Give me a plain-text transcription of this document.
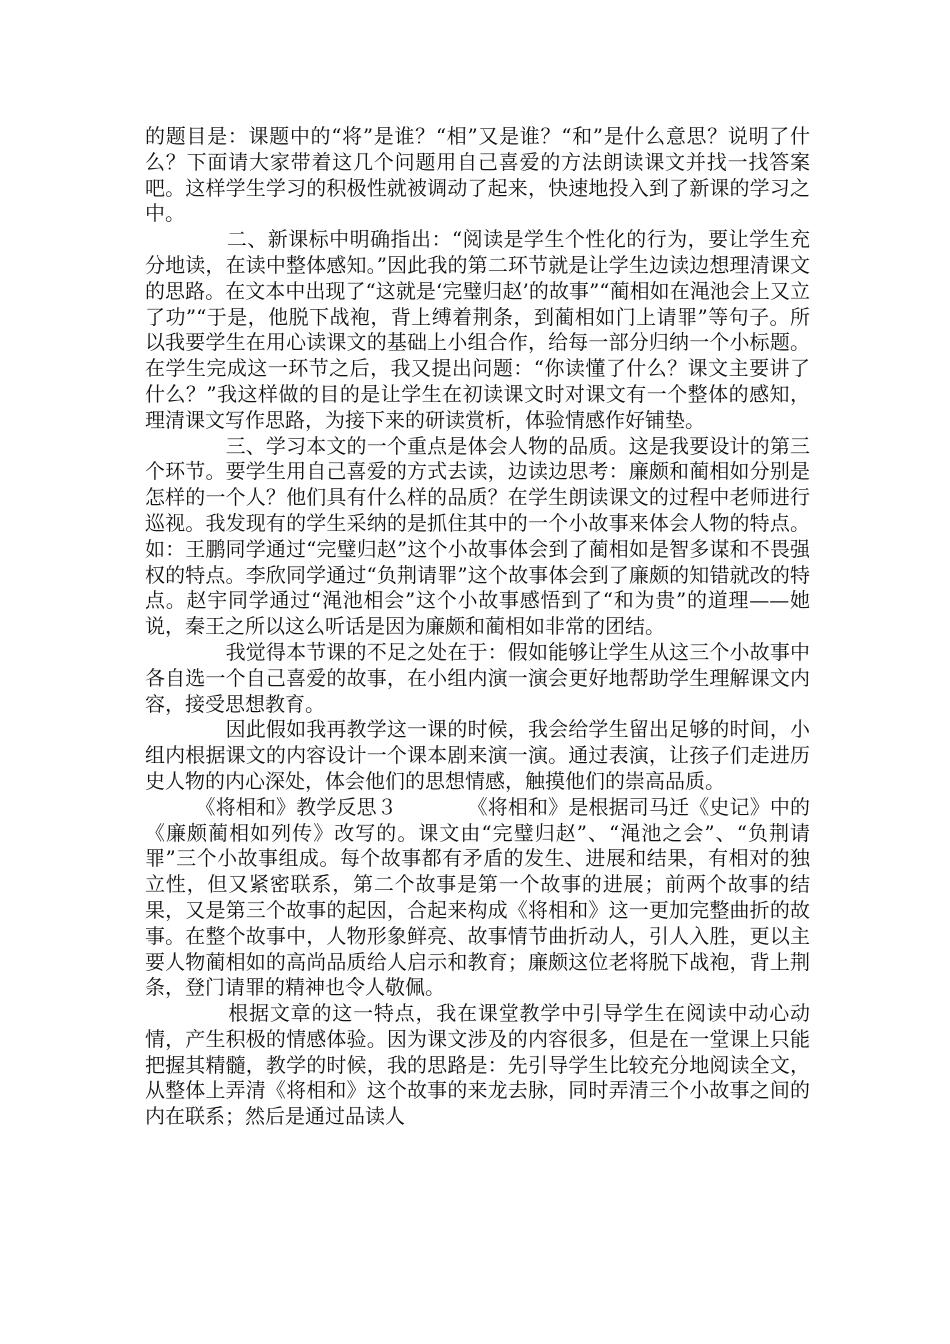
的题目是：课题中的“将”是谁？“相”又是谁？“和”是什么意思？说明了什么？下面请大家带着这几个问题用自己喜爱的方法朗读课文并找一找答案吧。这样学生学习的积极性就被调动了起来，快速地投入到了新课的学习之中。

　　　　二、新课标中明确指出：“阅读是学生个性化的行为，要让学生充分地读，在读中整体感知。”因此我的第二环节就是让学生边读边想理清课文的思路。在文本中出现了“这就是‘完璧归赵’的故事”“蔺相如在渑池会上又立了功”“于是，他脱下战袍，背上缚着荆条，到蔺相如门上请罪”等句子。所以我要学生在用心读课文的基础上小组合作，给每一部分归纳一个小标题。在学生完成这一环节之后，我又提出问题：“你读懂了什么？课文主要讲了什么？”我这样做的目的是让学生在初读课文时对课文有一个整体的感知，理清课文写作思路，为接下来的研读赏析，体验情感作好铺垫。

　　　　三、学习本文的一个重点是体会人物的品质。这是我要设计的第三个环节。要学生用自己喜爱的方式去读，边读边思考：廉颇和蔺相如分别是怎样的一个人？他们具有什么样的品质？在学生朗读课文的过程中老师进行巡视。我发现有的学生采纳的是抓住其中的一个小故事来体会人物的特点。如：王鹏同学通过“完璧归赵”这个小故事体会到了蔺相如是智多谋和不畏强权的特点。李欣同学通过“负荆请罪”这个故事体会到了廉颇的知错就改的特点。赵宇同学通过“渑池相会”这个小故事感悟到了“和为贵”的道理——她说，秦王之所以这么听话是因为廉颇和蔺相如非常的团结。

　　　　我觉得本节课的不足之处在于：假如能够让学生从这三个小故事中各自选一个自己喜爱的故事，在小组内演一演会更好地帮助学生理解课文内容，接受思想教育。

　　　　因此假如我再教学这一课的时候，我会给学生留出足够的时间，小组内根据课文的内容设计一个课本剧来演一演。通过表演，让孩子们走进历史人物的内心深处，体会他们的思想情感，触摸他们的崇高品质。

　　　《将相和》教学反思３　　　　《将相和》是根据司马迁《史记》中的《廉颇蔺相如列传》改写的。课文由“完璧归赵”、“渑池之会”、“负荆请罪”三个小故事组成。每个故事都有矛盾的发生、进展和结果，有相对的独立性，但又紧密联系，第二个故事是第一个故事的进展；前两个故事的结果，又是第三个故事的起因，合起来构成《将相和》这一更加完整曲折的故事。在整个故事中，人物形象鲜亮、故事情节曲折动人，引人入胜，更以主要人物蔺相如的高尚品质给人启示和教育；廉颇这位老将脱下战袍，背上荆条，登门请罪的精神也令人敬佩。

　　　　根据文章的这一特点，我在课堂教学中引导学生在阅读中动心动情，产生积极的情感体验。因为课文涉及的内容很多，但是在一堂课上只能把握其精髓，教学的时候，我的思路是：先引导学生比较充分地阅读全文，从整体上弄清《将相和》这个故事的来龙去脉，同时弄清三个小故事之间的内在联系；然后是通过品读人
